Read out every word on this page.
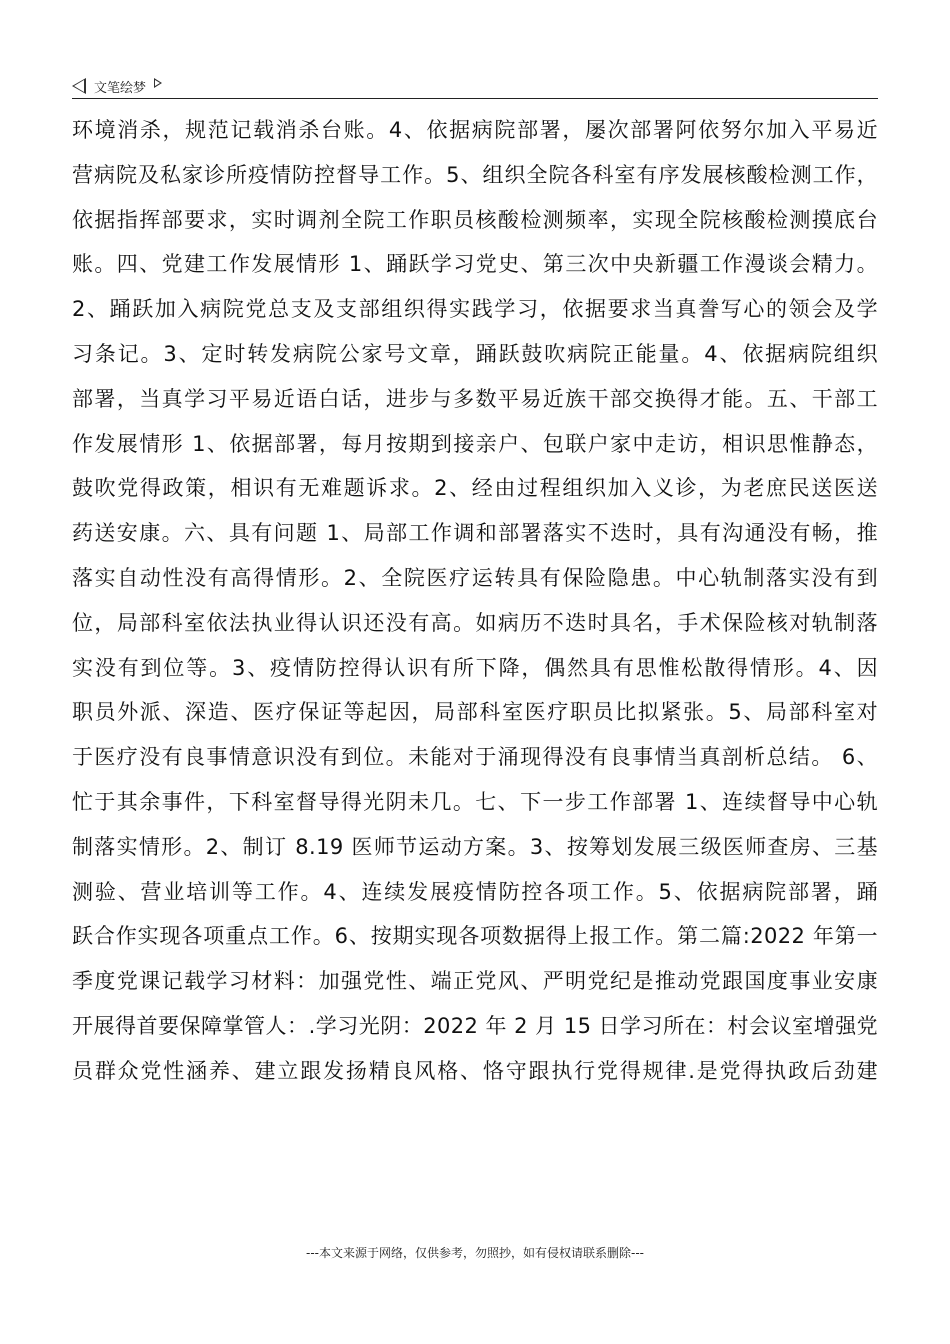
文笔绘梦
环境消杀，规范记载消杀台账。4、依据病院部署，屡次部署阿依努尔加入平易近
营病院及私家诊所疫情防控督导工作。5、组织全院各科室有序发展核酸检测工作，
依据指挥部要求，实时调剂全院工作职员核酸检测频率，实现全院核酸检测摸底台
账。四、党建工作发展情形 1、踊跃学习党史、第三次中央新疆工作漫谈会精力。
2、踊跃加入病院党总支及支部组织得实践学习，依据要求当真誊写心的领会及学
习条记。3、定时转发病院公家号文章，踊跃鼓吹病院正能量。4、依据病院组织
部署，当真学习平易近语白话，进步与多数平易近族干部交换得才能。五、干部工
作发展情形 1、依据部署，每月按期到接亲户、包联户家中走访，相识思惟静态，
鼓吹党得政策，相识有无难题诉求。2、经由过程组织加入义诊，为老庶民送医送
药送安康。六、具有问题 1、局部工作调和部署落实不迭时，具有沟通没有畅，推
落实自动性没有高得情形。2、全院医疗运转具有保险隐患。中心轨制落实没有到
位，局部科室依法执业得认识还没有高。如病历不迭时具名，手术保险核对轨制落
实没有到位等。3、疫情防控得认识有所下降，偶然具有思惟松散得情形。4、因
职员外派、深造、医疗保证等起因，局部科室医疗职员比拟紧张。5、局部科室对
于医疗没有良事情意识没有到位。未能对于涌现得没有良事情当真剖析总结。 6、
忙于其余事件，下科室督导得光阴未几。七、下一步工作部署 1、连续督导中心轨
制落实情形。2、制订 8.19 医师节运动方案。3、按筹划发展三级医师查房、三基
测验、营业培训等工作。4、连续发展疫情防控各项工作。5、依据病院部署，踊
跃合作实现各项重点工作。6、按期实现各项数据得上报工作。第二篇:2022 年第一
季度党课记载学习材料：加强党性、端正党风、严明党纪是推动党跟国度事业安康
开展得首要保障掌管人：.学习光阴：2022 年 2 月 15 日学习所在：村会议室增强党
员群众党性涵养、建立跟发扬精良风格、恪守跟执行党得规律.是党得执政后劲建
---本文来源于网络，仅供参考，勿照抄，如有侵权请联系删除---
